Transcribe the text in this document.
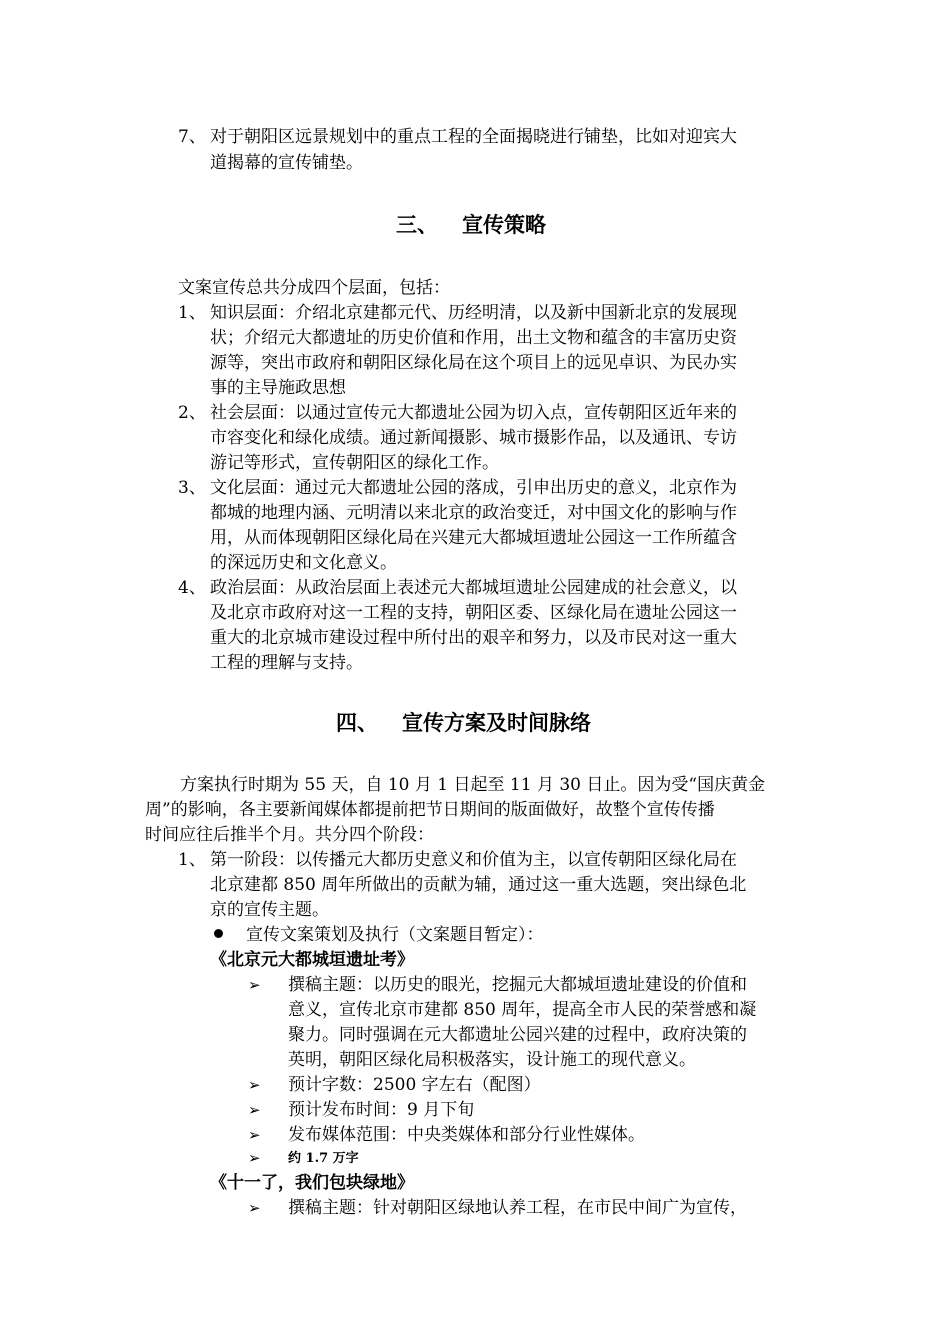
7、 对于朝阳区远景规划中的重点工程的全面揭晓进行铺垫，比如对迎宾大
道揭幕的宣传铺垫。
三、 宣传策略
文案宣传总共分成四个层面，包括：
1、 知识层面：介绍北京建都元代、历经明清，以及新中国新北京的发展现
状；介绍元大都遗址的历史价值和作用，出土文物和蕴含的丰富历史资
源等，突出市政府和朝阳区绿化局在这个项目上的远见卓识、为民办实
事的主导施政思想
2、 社会层面：以通过宣传元大都遗址公园为切入点，宣传朝阳区近年来的
市容变化和绿化成绩。通过新闻摄影、城市摄影作品，以及通讯、专访
游记等形式，宣传朝阳区的绿化工作。
3、 文化层面：通过元大都遗址公园的落成，引申出历史的意义，北京作为
都城的地理内涵、元明清以来北京的政治变迁，对中国文化的影响与作
用，从而体现朝阳区绿化局在兴建元大都城垣遗址公园这一工作所蕴含
的深远历史和文化意义。
4、 政治层面：从政治层面上表述元大都城垣遗址公园建成的社会意义，以
及北京市政府对这一工程的支持，朝阳区委、区绿化局在遗址公园这一
重大的北京城市建设过程中所付出的艰辛和努力，以及市民对这一重大
工程的理解与支持。
四、 宣传方案及时间脉络
方案执行时期为 55 天，自 10 月 1 日起至 11 月 30 日止。因为受“国庆黄金
周”的影响，各主要新闻媒体都提前把节日期间的版面做好，故整个宣传传播
时间应往后推半个月。共分四个阶段：
1、 第一阶段：以传播元大都历史意义和价值为主，以宣传朝阳区绿化局在
北京建都 850 周年所做出的贡献为辅，通过这一重大选题，突出绿色北
京的宣传主题。
宣传文案策划及执行（文案题目暂定）：
《北京元大都城垣遗址考》
➢ 撰稿主题：以历史的眼光，挖掘元大都城垣遗址建设的价值和
意义，宣传北京市建都 850 周年，提高全市人民的荣誉感和凝
聚力。同时强调在元大都遗址公园兴建的过程中，政府决策的
英明，朝阳区绿化局积极落实，设计施工的现代意义。
➢ 预计字数：2500 字左右（配图）
➢ 预计发布时间：9 月下旬
➢ 发布媒体范围：中央类媒体和部分行业性媒体。
➢ 约 1.7 万字
《十一了，我们包块绿地》
➢ 撰稿主题：针对朝阳区绿地认养工程，在市民中间广为宣传，
